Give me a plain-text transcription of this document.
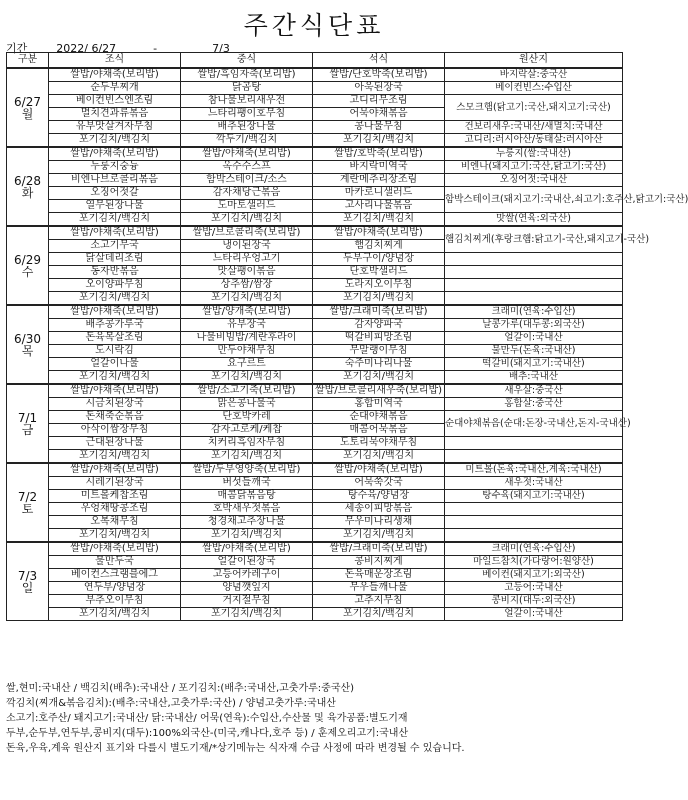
주간식단표
기간	2022/ 6/27	-	7/3
구분	조식	중식	석식	원산지

6/27
월	쌀밥/야채죽(보리밥)	쌀밥/흑임자죽(보리밥)	쌀밥/단호박죽(보리밥)	바지락살:중국산
	순두부찌개	닭곰탕	아욱된장국	베이컨빈스:수입산
	베이컨빈스엔조림	참나물보리새우전	고디리무조림	스모크햄(닭고기:국산,돼지고기:국산)
	멸치견과류볶음	느타리팽이호무침	어묵야채볶음	
	유부맛살겨자무침	배추된장나물	콩나물무침	건보리새우:국내산/새멸치:국내산
	포기김치/백김치	깍두기/백김치	포기김치/백김치	고디리:러시아산/동태살:러시아산

6/28
화	쌀밥/야채죽(보리밥)	쌀밥/야채죽(보리밥)	쌀밥/호박죽(보리밥)	누룽지(쌀:국내산)
	누룽지숭늉	옥수수스프	바지락미역국	비엔나(돼지고기:국산,닭고기:국산)
	비엔나브로콜리볶음	함박스테이크/소스	계란메추리장조림	오징어젓:국내산
	오징어젓갈	감자채당근볶음	마카로니샐러드	함박스테이크(돼지고기:국내산,쇠고기:호주산,닭고기:국산)
	열무된장나물	도마토샐러드	고사리나물볶음	
	포기김치/백김치	포기김치/백김치	포기김치/백김치	맛쌀(연육:외국산)

6/29
수	쌀밥/야채죽(보리밥)	쌀밥/브로콜리죽(보리밥)	쌀밥/야채죽(보리밥)	햄김치찌게(후랑크햄:닭고기-국산,돼지고기-국산)
	소고기무국	냉이된장국	햄김치찌게	
	닭살데리조림	느타리우엉고기	두부구이/양념장	
	동자반볶음	맛살팽이볶음	단호박샐러드	
	오이양파무침	상추쌈/쌈장	도라지오이무침	
	포기김치/백김치	포기김치/백김치	포기김치/백김치	

6/30
목	쌀밥/야채죽(보리밥)	쌀밥/양개죽(보리밥)	쌀밥/크래미죽(보리밥)	크래미(연육:수입산)
	배추콩가루국	유부장국	감자양파국	날콩가루(대두콩:외국산)
	돈육목살조림	나물비빔밥/계란후라이	떡갈비피망조림	얼갈이:국내산
	도시락김	만두야채무침	무말랭이무침	물만두(돈육:국내산)
	얼갈이나물	요구르트	숙주미나리나물	떡갈비(돼지고기:국내산)
	포기김치/백김치	포기김치/백김치	포기김치/백김치	배추:국내산

7/1
금	쌀밥/야채죽(보리밥)	쌀밥/소고기죽(보리밥)	쌀밥/브로콜리새우죽(보리밥)	새우살:중국산
	시금치된장국	맑은콩나물국	홍합미역국	홍합살:중국산
	돈채죽순볶음	단호박카레	순대야채볶음	순대야채볶음(순대:돈장-국내산,돈지-국내산)
	아삭이쌈장무침	감자고로케/케찹	매콤어묵볶음	
	근대된장나물	치커리흑임자무침	도토리묵야채무침	
	포기김치/백김치	포기김치/백김치	포기김치/백김치	

7/2
토	쌀밥/야채죽(보리밥)	쌀밥/두부영양죽(보리밥)	쌀밥/야채죽(보리밥)	미트볼(돈육:국내산,계육:국내산)
	시레기된장국	버섯들깨국	어묵쑥갓국	새우젓:국내산
	미트볼케찹조림	매콤닭볶음탕	탕수육/양념장	탕수육(돼지고기:국내산)
	우엉채땅콩조림	호박새우젓볶음	세송이피망볶음	
	오복채무침	청경채고추장나물	무우미나리생채	
	포기김치/백김치	포기김치/백김치	포기김치/백김치	

7/3
일	쌀밥/야채죽(보리밥)	쌀밥/야채죽(보리밥)	쌀밥/크래미죽(보리밥)	크래미(연육:수입산)
	물만두국	얼갈이된장국	콩비지찌게	마일드참치(가다랑어:원양산)
	베이컨스크램블에그	고등어카레구이	돈육매운장조림	베이컨(돼지고기:외국산)
	연두부/양념장	양념깻잎지	무우들깨나물	고등어:국내산
	부추오이무침	거지절무침	고추지무침	콩비지(대두:외국산)
	포기김치/백김치	포기김치/백김치	포기김치/백김치	얼갈이:국내산
쌀,현미:국내산 / 백김치(배추):국내산 / 포기김치:(배추:국내산,고춧가루:중국산)
깍김치(찌개&볶음김치):(배추:국내산,고춧가루:국산) / 양념고춧가루:국내산
소고기:호주산/ 돼지고기:국내산/ 닭:국내산/ 어묵(연육):수입산,수산물 및 육가공품:별도기재
두부,순두부,연두부,콩비지(대두):100%외국산-(미국,캐나다,호주 등) / 훈제오리고기:국내산
돈육,우육,계육 원산지 표기와 다를시 별도기재/*상기메뉴는 식자재 수급 사정에 따라 변경될 수 있습니다.
